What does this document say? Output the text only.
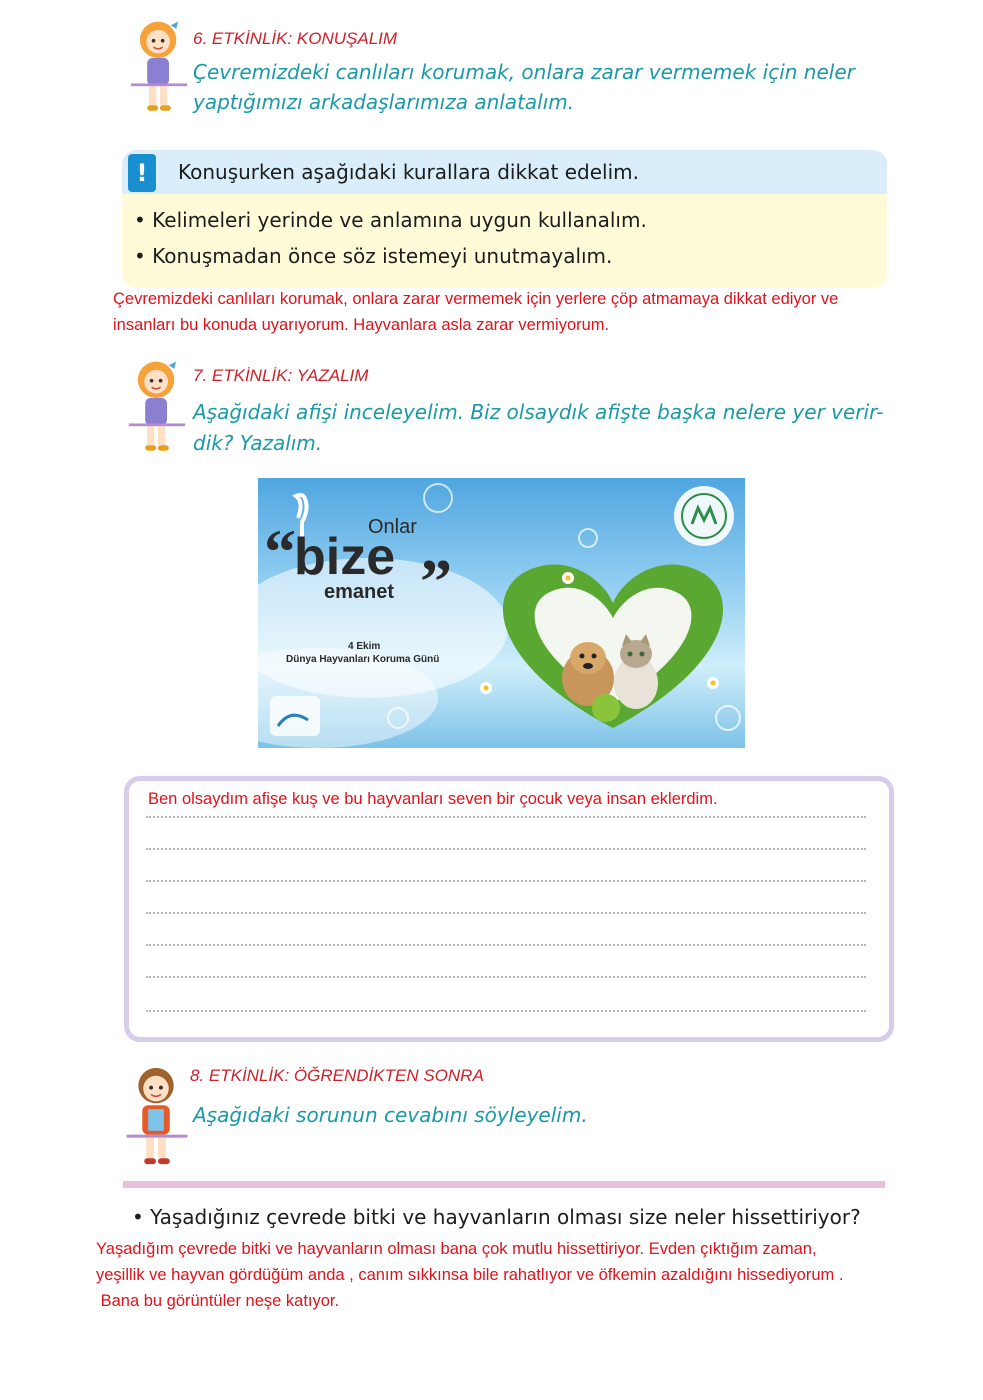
6. ETKİNLİK: KONUŞALIM
Çevremizdeki canlıları korumak, onlara zarar vermemek için neler
yaptığımızı arkadaşlarımıza anlatalım.
!	Konuşurken aşağıdaki kurallara dikkat edelim.
• Kelimeleri yerinde ve anlamına uygun kullanalım.
• Konuşmadan önce söz istemeyi unutmayalım.
Çevremizdeki canlıları korumak, onlara zarar vermemek için yerlere çöp atmamaya dikkat ediyor ve
insanları bu konuda uyarıyorum. Hayvanlara asla zarar vermiyorum.
7. ETKİNLİK: YAZALIM
Aşağıdaki afişi inceleyelim. Biz olsaydık afişte başka nelere yer verir-
dik? Yazalım.
Onlar
“
bize ”
emanet
4 Ekim
Dünya Hayvanları Koruma Günü
Ben olsaydım afişe kuş ve bu hayvanları seven bir çocuk veya insan eklerdim.
8. ETKİNLİK: ÖĞRENDİKTEN SONRA
Aşağıdaki sorunun cevabını söyleyelim.
• Yaşadığınız çevrede bitki ve hayvanların olması size neler hissettiriyor?
Yaşadığım çevrede bitki ve hayvanların olması bana çok mutlu hissettiriyor. Evden çıktığım zaman,
yeşillik ve hayvan gördüğüm anda , canım sıkkınsa bile rahatlıyor ve öfkemin azaldığını hissediyorum .
Bana bu görüntüler neşe katıyor.
